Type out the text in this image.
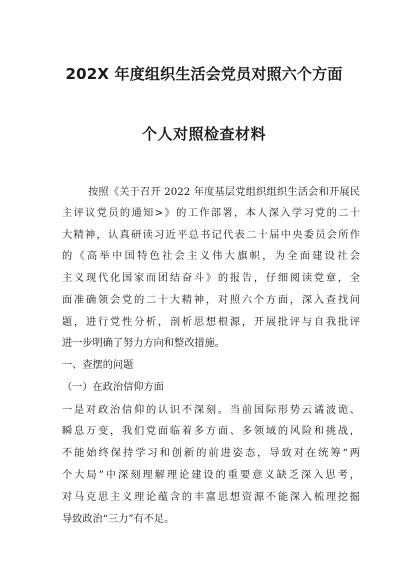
202X 年度组织生活会党员对照六个方面
个人对照检查材料
按照《关于召开 2022 年度基层党组织组织生活会和开展民
主评议党员的通知>》的工作部署，本人深入学习党的二十
大精神，认真研读习近平总书记代表二十届中央委员会所作
的《高举中国特色社会主义伟大旗帜，为全面建设社会
主义现代化国家而团结奋斗》的报告，仔细阅读党章，全
面准确领会党的二十大精神，对照六个方面，深入查找问
题，进行党性分析，剖析思想根源，开展批评与自我批评
进一步明确了努力方向和整改措施。
一、查摆的问题
（一）在政治信仰方面
一是对政治信仰的认识不深刻。当前国际形势云谲波诡、
瞬息万变，我们党面临着多方面、多领域的风险和挑战，
不能始终保持学习和创新的前进姿态，导致对在统筹“两
个大局”中深刻理解理论建设的重要意义缺乏深入思考，
对马克思主义理论蕴含的丰富思想资源不能深入梳理挖掘
导致政治“三力”有不足。
